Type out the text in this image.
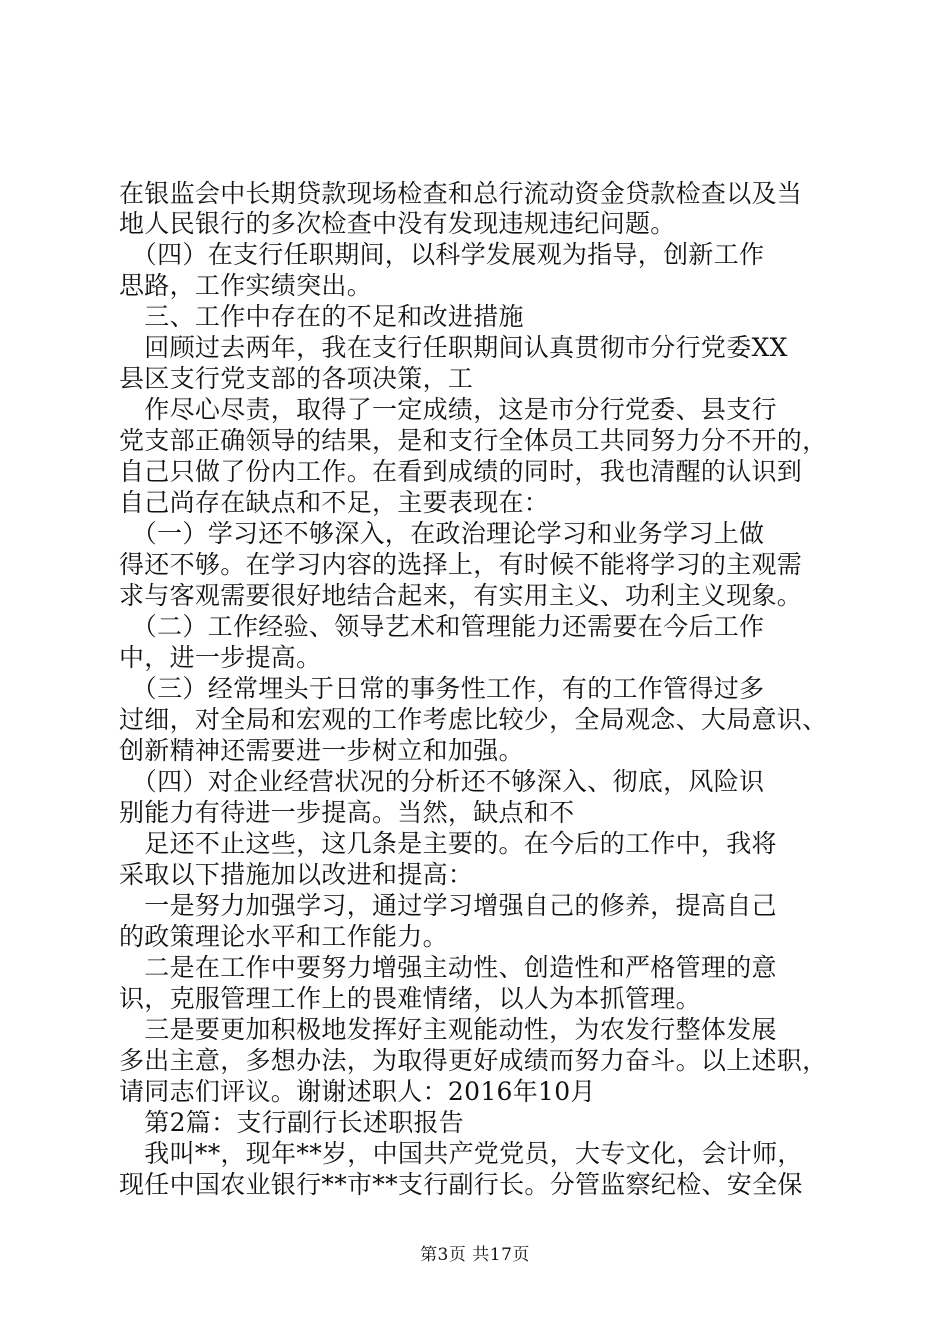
在银监会中长期贷款现场检查和总行流动资金贷款检查以及当
地人民银行的多次检查中没有发现违规违纪问题。
　（四）在支行任职期间，以科学发展观为指导，创新工作
思路，工作实绩突出。
　三、工作中存在的不足和改进措施
　回顾过去两年，我在支行任职期间认真贯彻市分行党委XX
县区支行党支部的各项决策，工
　作尽心尽责，取得了一定成绩，这是市分行党委、县支行
党支部正确领导的结果，是和支行全体员工共同努力分不开的，
自己只做了份内工作。在看到成绩的同时，我也清醒的认识到
自己尚存在缺点和不足，主要表现在：
　（一）学习还不够深入，在政治理论学习和业务学习上做
得还不够。在学习内容的选择上，有时候不能将学习的主观需
求与客观需要很好地结合起来，有实用主义、功利主义现象。
　（二）工作经验、领导艺术和管理能力还需要在今后工作
中，进一步提高。
　（三）经常埋头于日常的事务性工作，有的工作管得过多
过细，对全局和宏观的工作考虑比较少，全局观念、大局意识、
创新精神还需要进一步树立和加强。
　（四）对企业经营状况的分析还不够深入、彻底，风险识
别能力有待进一步提高。当然，缺点和不
　足还不止这些，这几条是主要的。在今后的工作中，我将
采取以下措施加以改进和提高：
　一是努力加强学习，通过学习增强自己的修养，提高自己
的政策理论水平和工作能力。
　二是在工作中要努力增强主动性、创造性和严格管理的意
识，克服管理工作上的畏难情绪，以人为本抓管理。
　三是要更加积极地发挥好主观能动性，为农发行整体发展
多出主意，多想办法，为取得更好成绩而努力奋斗。以上述职，
请同志们评议。谢谢述职人：2016年10月
　第2篇：支行副行长述职报告
　我叫**，现年**岁，中国共产党党员，大专文化，会计师，
现任中国农业银行**市**支行副行长。分管监察纪检、安全保
第3页 共17页
